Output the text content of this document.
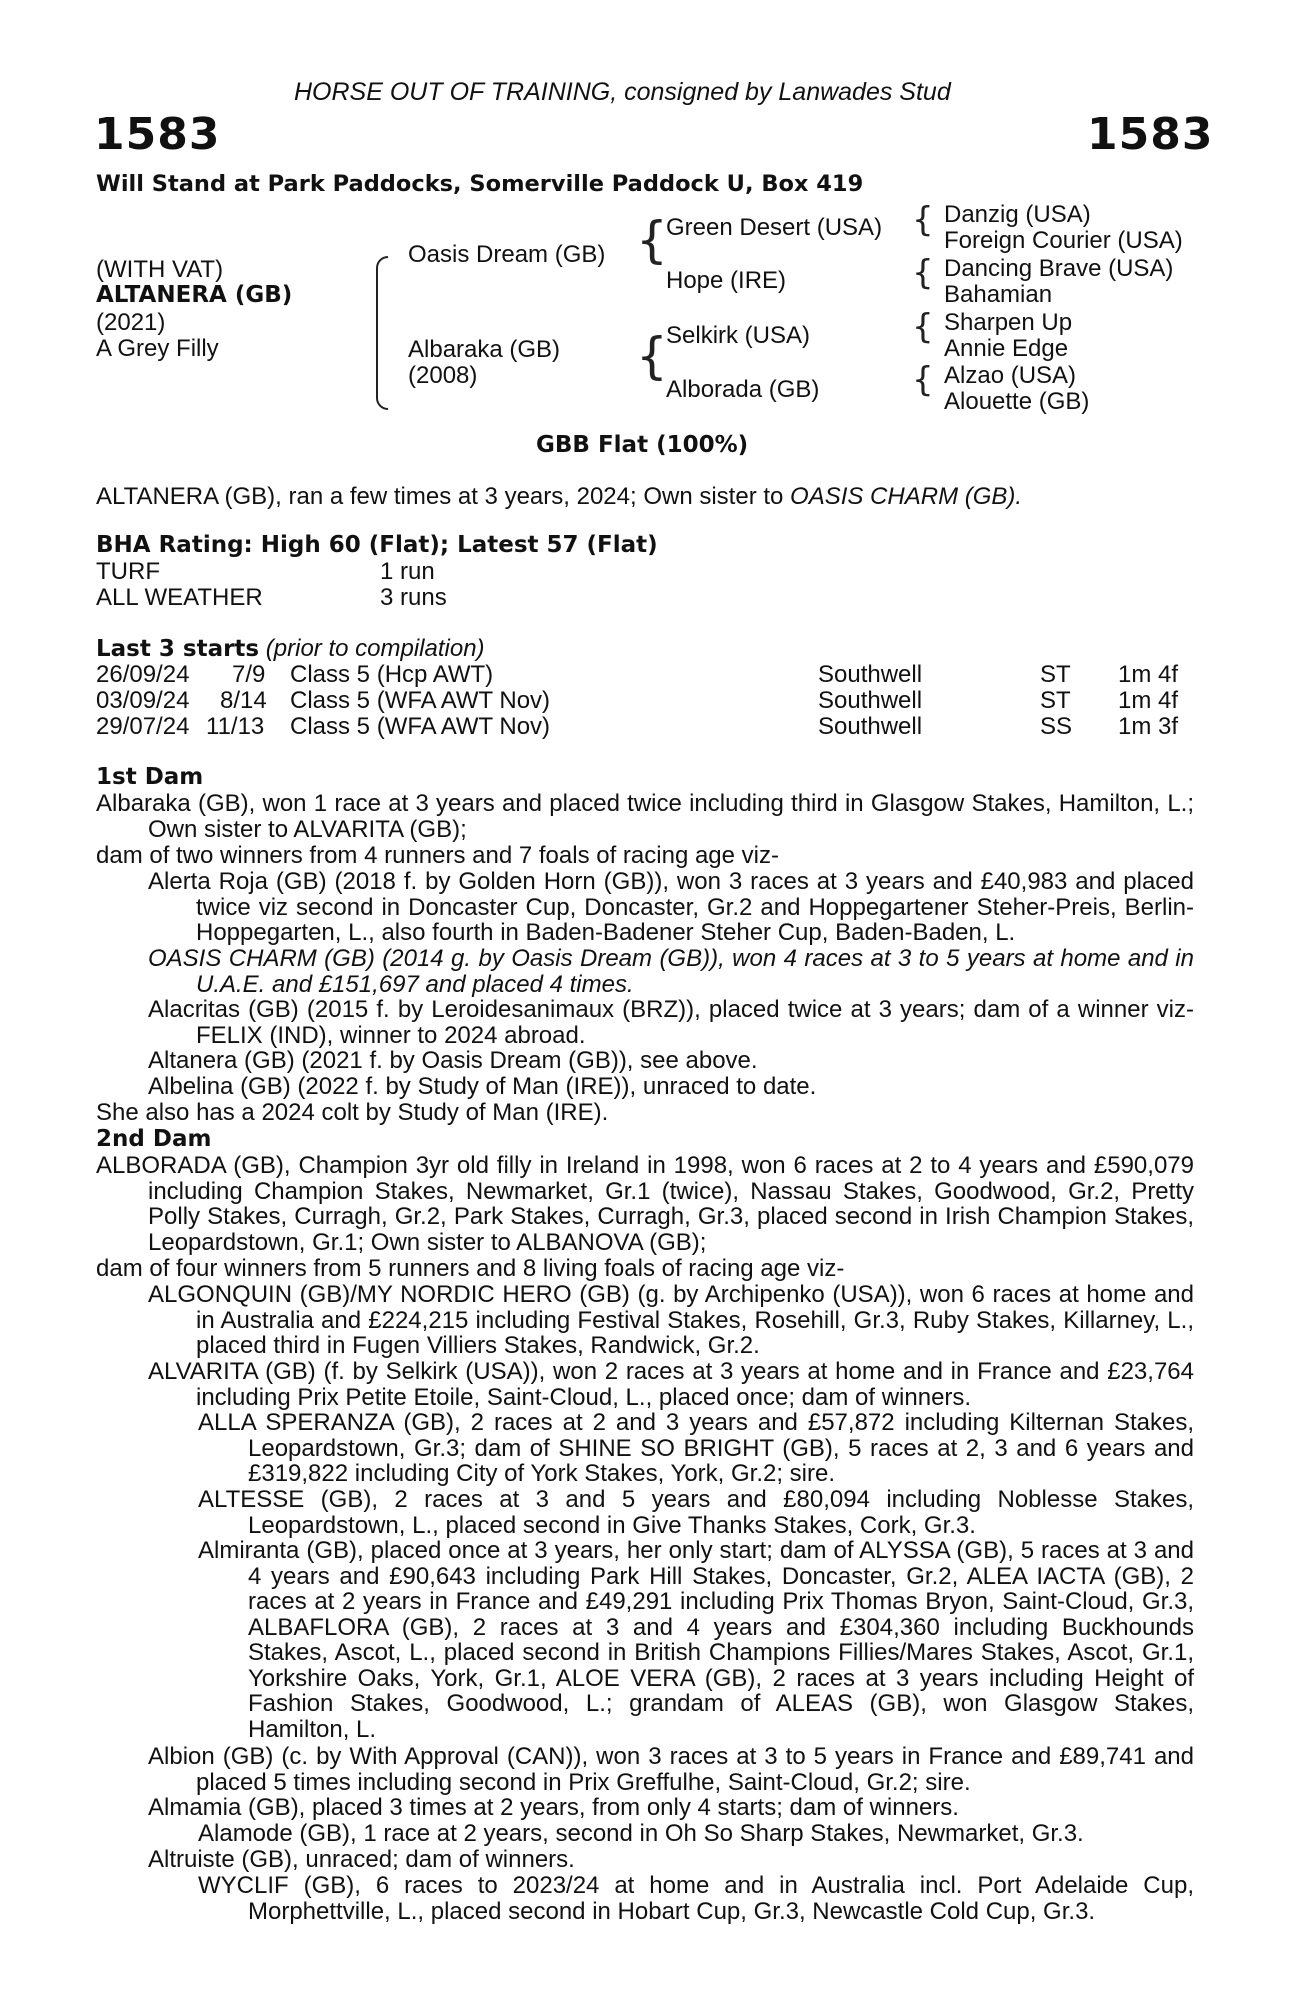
HORSE OUT OF TRAINING, consigned by Lanwades Stud
1583	1583
Will Stand at Park Paddocks, Somerville Paddock U, Box 419
(WITH VAT)
ALTANERA (GB)
(2021)
A Grey Filly
Oasis Dream (GB)
Albaraka (GB)
(2008)
{
{
Green Desert (USA)
Hope (IRE)
Selkirk (USA)
Alborada (GB)
{
{
{
{
Danzig (USA)
Foreign Courier (USA)
Dancing Brave (USA)
Bahamian
Sharpen Up
Annie Edge
Alzao (USA)
Alouette (GB)
GBB Flat (100%)
ALTANERA (GB), ran a few times at 3 years, 2024; Own sister to OASIS CHARM (GB).
BHA Rating: High 60 (Flat); Latest 57 (Flat)
TURF	1 run
ALL WEATHER	3 runs
Last 3 starts (prior to compilation)
26/09/24 7/9 Class 5 (Hcp AWT)	Southwell	ST 1m 4f
03/09/24 8/14 Class 5 (WFA AWT Nov)	Southwell	ST 1m 4f
29/07/24 11/13 Class 5 (WFA AWT Nov)	Southwell	SS 1m 3f
1st Dam
Albaraka (GB), won 1 race at 3 years and placed twice including third in Glasgow Stakes, Hamilton, L.; Own sister to ALVARITA (GB);
dam of two winners from 4 runners and 7 foals of racing age viz-
Alerta Roja (GB) (2018 f. by Golden Horn (GB)), won 3 races at 3 years and £40,983 and placed twice viz second in Doncaster Cup, Doncaster, Gr.2 and Hoppegartener Steher-Preis, Berlin-Hoppegarten, L., also fourth in Baden-Badener Steher Cup, Baden-Baden, L.
OASIS CHARM (GB) (2014 g. by Oasis Dream (GB)), won 4 races at 3 to 5 years at home and in U.A.E. and £151,697 and placed 4 times.
Alacritas (GB) (2015 f. by Leroidesanimaux (BRZ)), placed twice at 3 years; dam of a winner viz- FELIX (IND), winner to 2024 abroad.
Altanera (GB) (2021 f. by Oasis Dream (GB)), see above.
Albelina (GB) (2022 f. by Study of Man (IRE)), unraced to date.
She also has a 2024 colt by Study of Man (IRE).
2nd Dam
ALBORADA (GB), Champion 3yr old filly in Ireland in 1998, won 6 races at 2 to 4 years and £590,079 including Champion Stakes, Newmarket, Gr.1 (twice), Nassau Stakes, Goodwood, Gr.2, Pretty Polly Stakes, Curragh, Gr.2, Park Stakes, Curragh, Gr.3, placed second in Irish Champion Stakes, Leopardstown, Gr.1; Own sister to ALBANOVA (GB);
dam of four winners from 5 runners and 8 living foals of racing age viz-
ALGONQUIN (GB)/MY NORDIC HERO (GB) (g. by Archipenko (USA)), won 6 races at home and in Australia and £224,215 including Festival Stakes, Rosehill, Gr.3, Ruby Stakes, Killarney, L., placed third in Fugen Villiers Stakes, Randwick, Gr.2.
ALVARITA (GB) (f. by Selkirk (USA)), won 2 races at 3 years at home and in France and £23,764 including Prix Petite Etoile, Saint-Cloud, L., placed once; dam of winners.
ALLA SPERANZA (GB), 2 races at 2 and 3 years and £57,872 including Kilternan Stakes, Leopardstown, Gr.3; dam of SHINE SO BRIGHT (GB), 5 races at 2, 3 and 6 years and £319,822 including City of York Stakes, York, Gr.2; sire.
ALTESSE (GB), 2 races at 3 and 5 years and £80,094 including Noblesse Stakes, Leopardstown, L., placed second in Give Thanks Stakes, Cork, Gr.3.
Almiranta (GB), placed once at 3 years, her only start; dam of ALYSSA (GB), 5 races at 3 and 4 years and £90,643 including Park Hill Stakes, Doncaster, Gr.2, ALEA IACTA (GB), 2 races at 2 years in France and £49,291 including Prix Thomas Bryon, Saint-Cloud, Gr.3, ALBAFLORA (GB), 2 races at 3 and 4 years and £304,360 including Buckhounds Stakes, Ascot, L., placed second in British Champions Fillies/Mares Stakes, Ascot, Gr.1, Yorkshire Oaks, York, Gr.1, ALOE VERA (GB), 2 races at 3 years including Height of Fashion Stakes, Goodwood, L.; grandam of ALEAS (GB), won Glasgow Stakes, Hamilton, L.
Albion (GB) (c. by With Approval (CAN)), won 3 races at 3 to 5 years in France and £89,741 and placed 5 times including second in Prix Greffulhe, Saint-Cloud, Gr.2; sire.
Almamia (GB), placed 3 times at 2 years, from only 4 starts; dam of winners.
Alamode (GB), 1 race at 2 years, second in Oh So Sharp Stakes, Newmarket, Gr.3.
Altruiste (GB), unraced; dam of winners.
WYCLIF (GB), 6 races to 2023/24 at home and in Australia incl. Port Adelaide Cup, Morphettville, L., placed second in Hobart Cup, Gr.3, Newcastle Cold Cup, Gr.3.
